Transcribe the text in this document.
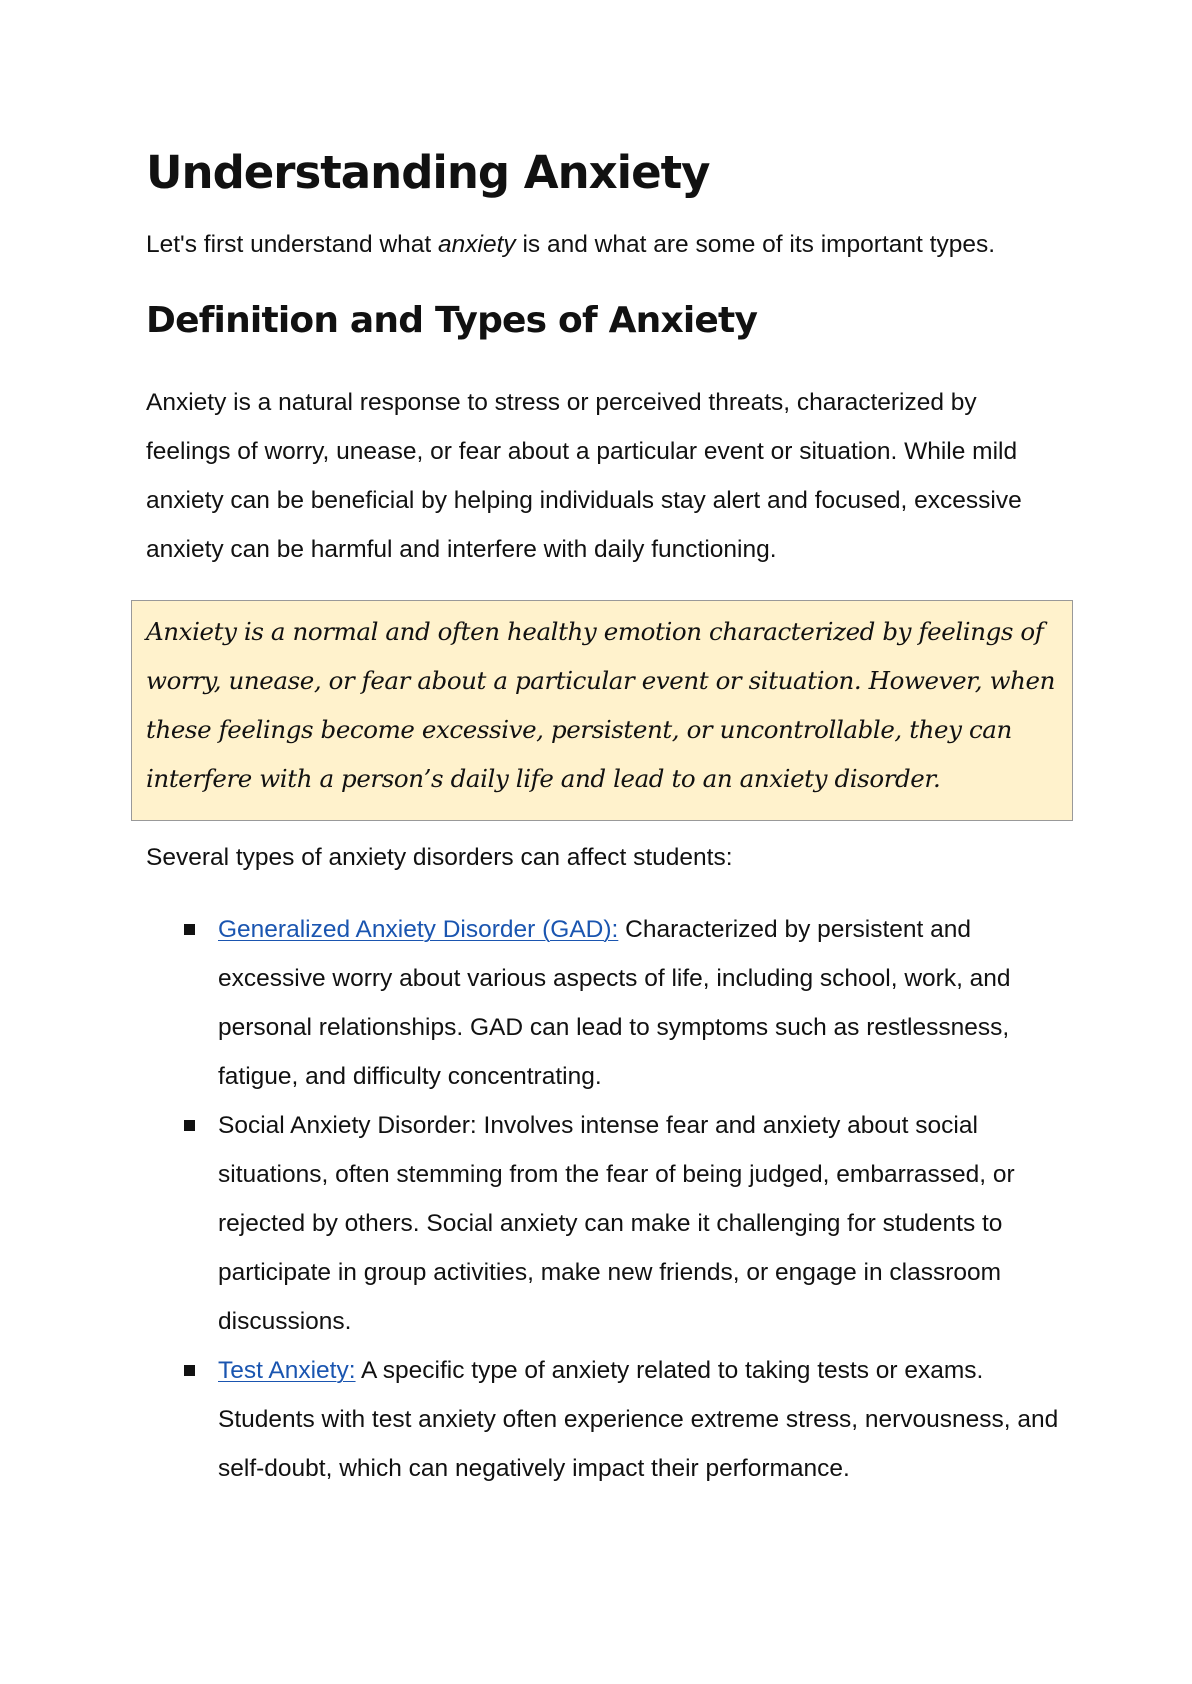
Understanding Anxiety

Let's first understand what anxiety is and what are some of its important types.

Definition and Types of Anxiety

Anxiety is a natural response to stress or perceived threats, characterized by feelings of worry, unease, or fear about a particular event or situation. While mild anxiety can be beneficial by helping individuals stay alert and focused, excessive anxiety can be harmful and interfere with daily functioning.

Anxiety is a normal and often healthy emotion characterized by feelings of worry, unease, or fear about a particular event or situation. However, when these feelings become excessive, persistent, or uncontrollable, they can interfere with a person’s daily life and lead to an anxiety disorder.

Several types of anxiety disorders can affect students:

Generalized Anxiety Disorder (GAD): Characterized by persistent and excessive worry about various aspects of life, including school, work, and personal relationships. GAD can lead to symptoms such as restlessness, fatigue, and difficulty concentrating.
Social Anxiety Disorder: Involves intense fear and anxiety about social situations, often stemming from the fear of being judged, embarrassed, or rejected by others. Social anxiety can make it challenging for students to participate in group activities, make new friends, or engage in classroom discussions.
Test Anxiety: A specific type of anxiety related to taking tests or exams. Students with test anxiety often experience extreme stress, nervousness, and self-doubt, which can negatively impact their performance.
